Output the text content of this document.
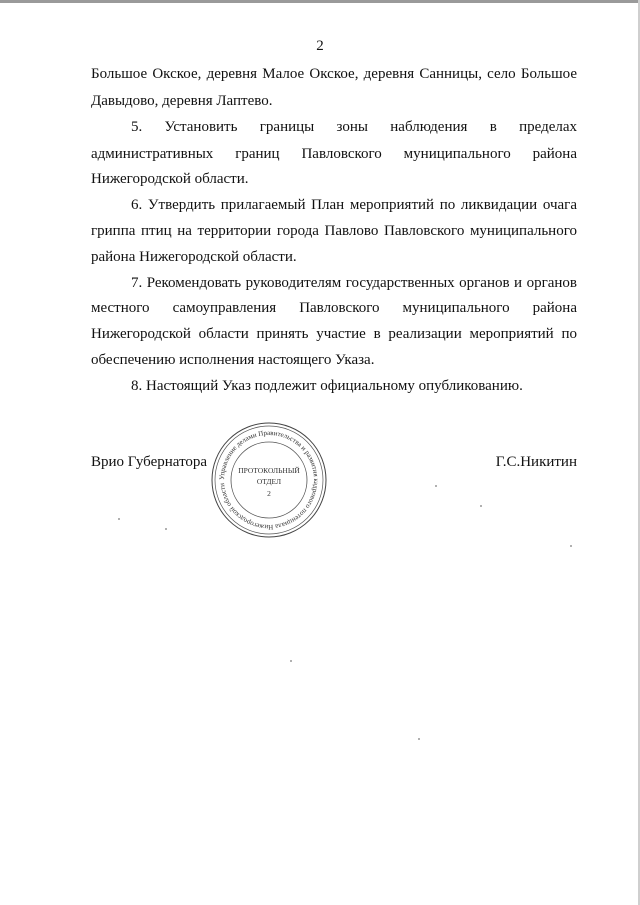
2
Большое Окское, деревня Малое Окское, деревня Санницы, село Большое
Давыдово, деревня Лаптево.
5. Установить границы зоны наблюдения в пределах
административных границ Павловского муниципального района
Нижегородской области.
6. Утвердить прилагаемый План мероприятий по ликвидации очага
гриппа птиц на территории города Павлово Павловского муниципального
района Нижегородской области.
7. Рекомендовать руководителям государственных органов и органов
местного самоуправления Павловского муниципального района
Нижегородской области принять участие в реализации мероприятий по
обеспечению исполнения настоящего Указа.
8. Настоящий Указ подлежит официальному опубликованию.
Врио Губернатора	Г.С.Никитин
Управление делами Правительства и развития кадрового потенциала Нижегородской области
ПРОТОКОЛЬНЫЙ
ОТДЕЛ
2
